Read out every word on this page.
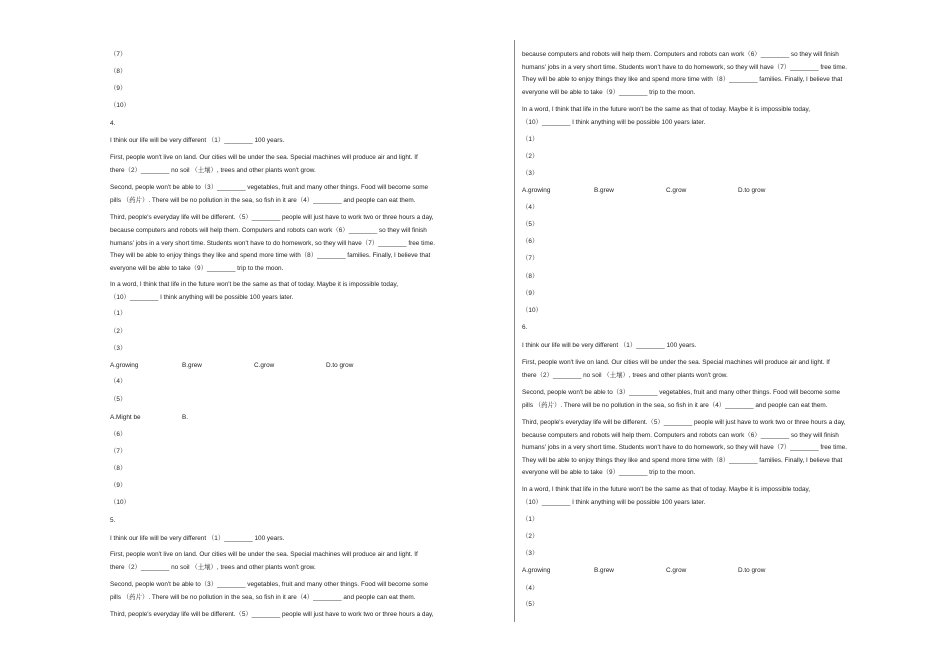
（7）
（8）
（9）
（10）
4.
I think our life will be very different （1）________ 100 years.
First, people won't live on land. Our cities will be under the sea. Special machines will produce air and light. If
there（2）________ no soil （土壤）, trees and other plants won't grow.
Second, people won't be able to（3）________ vegetables, fruit and many other things. Food will become some
pills （药片）. There will be no pollution in the sea, so fish in it are（4）________ and people can eat them.
Third, people's everyday life will be different.（5）________ people will just have to work two or three hours a day,
because computers and robots will help them. Computers and robots can work（6）________ so they will finish
humans' jobs in a very short time. Students won't have to do homework, so they will have（7）________ free time.
They will be able to enjoy things they like and spend more time with（8）________ families. Finally, I believe that
everyone will be able to take（9）________ trip to the moon.
In a word, I think that life in the future won't be the same as that of today. Maybe it is impossible today,
（10）________ I think anything will be possible 100 years later.
（1）
（2）
（3）
（4）
（5）
（6）
（7）
（8）
（9）
（10）
5.
I think our life will be very different （1）________ 100 years.
First, people won't live on land. Our cities will be under the sea. Special machines will produce air and light. If
there（2）________ no soil （土壤）, trees and other plants won't grow.
Second, people won't be able to（3）________ vegetables, fruit and many other things. Food will become some
pills （药片）. There will be no pollution in the sea, so fish in it are（4）________ and people can eat them.
Third, people's everyday life will be different.（5）________ people will just have to work two or three hours a day,
A.growing	B.grew	C.grow	D.to grow
A.Might be	B.
because computers and robots will help them. Computers and robots can work（6）________ so they will finish
humans' jobs in a very short time. Students won't have to do homework, so they will have（7）________ free time.
They will be able to enjoy things they like and spend more time with（8）________ families. Finally, I believe that
everyone will be able to take（9）________ trip to the moon.
In a word, I think that life in the future won't be the same as that of today. Maybe it is impossible today,
（10）________ I think anything will be possible 100 years later.
（1）
（2）
（3）
（4）
（5）
（6）
（7）
（8）
（9）
（10）
6.
I think our life will be very different （1）________ 100 years.
First, people won't live on land. Our cities will be under the sea. Special machines will produce air and light. If
there（2）________ no soil （土壤）, trees and other plants won't grow.
Second, people won't be able to（3）________ vegetables, fruit and many other things. Food will become some
pills （药片）. There will be no pollution in the sea, so fish in it are（4）________ and people can eat them.
Third, people's everyday life will be different.（5）________ people will just have to work two or three hours a day,
because computers and robots will help them. Computers and robots can work（6）________ so they will finish
humans' jobs in a very short time. Students won't have to do homework, so they will have（7）________ free time.
They will be able to enjoy things they like and spend more time with（8）________ families. Finally, I believe that
everyone will be able to take（9）________ trip to the moon.
In a word, I think that life in the future won't be the same as that of today. Maybe it is impossible today,
（10）________ I think anything will be possible 100 years later.
（1）
（2）
（3）
（4）
（5）
A.growing	B.grew	C.grow	D.to grow
A.growing	B.grew	C.grow	D.to grow
